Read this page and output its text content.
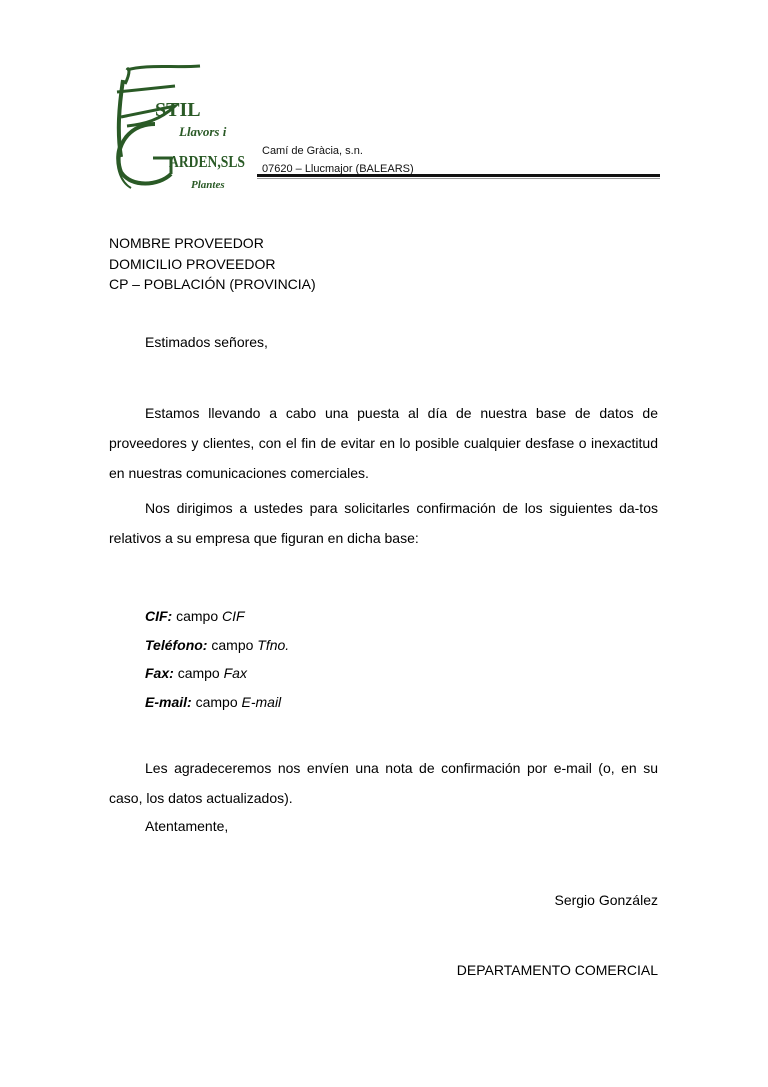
STIL
Llavors i
ARDEN,SLS
Plantes
Camí de Gràcia, s.n.
07620 – Llucmajor (BALEARS)
NOMBRE PROVEEDOR
DOMICILIO PROVEEDOR
CP – POBLACIÓN (PROVINCIA)
Estimados señores,
Estamos llevando a cabo una puesta al día de nuestra base de datos de proveedores y clientes, con el fin de evitar en lo posible cualquier desfase o inexactitud en nuestras comunicaciones comerciales.
Nos dirigimos a ustedes para solicitarles confirmación de los siguientes da-tos relativos a su empresa que figuran en dicha base:
CIF: campo CIF
Teléfono: campo Tfno.
Fax: campo Fax
E-mail: campo E-mail
Les agradeceremos nos envíen una nota de confirmación por e-mail (o, en su caso, los datos actualizados).
Atentamente,
Sergio González
DEPARTAMENTO COMERCIAL
